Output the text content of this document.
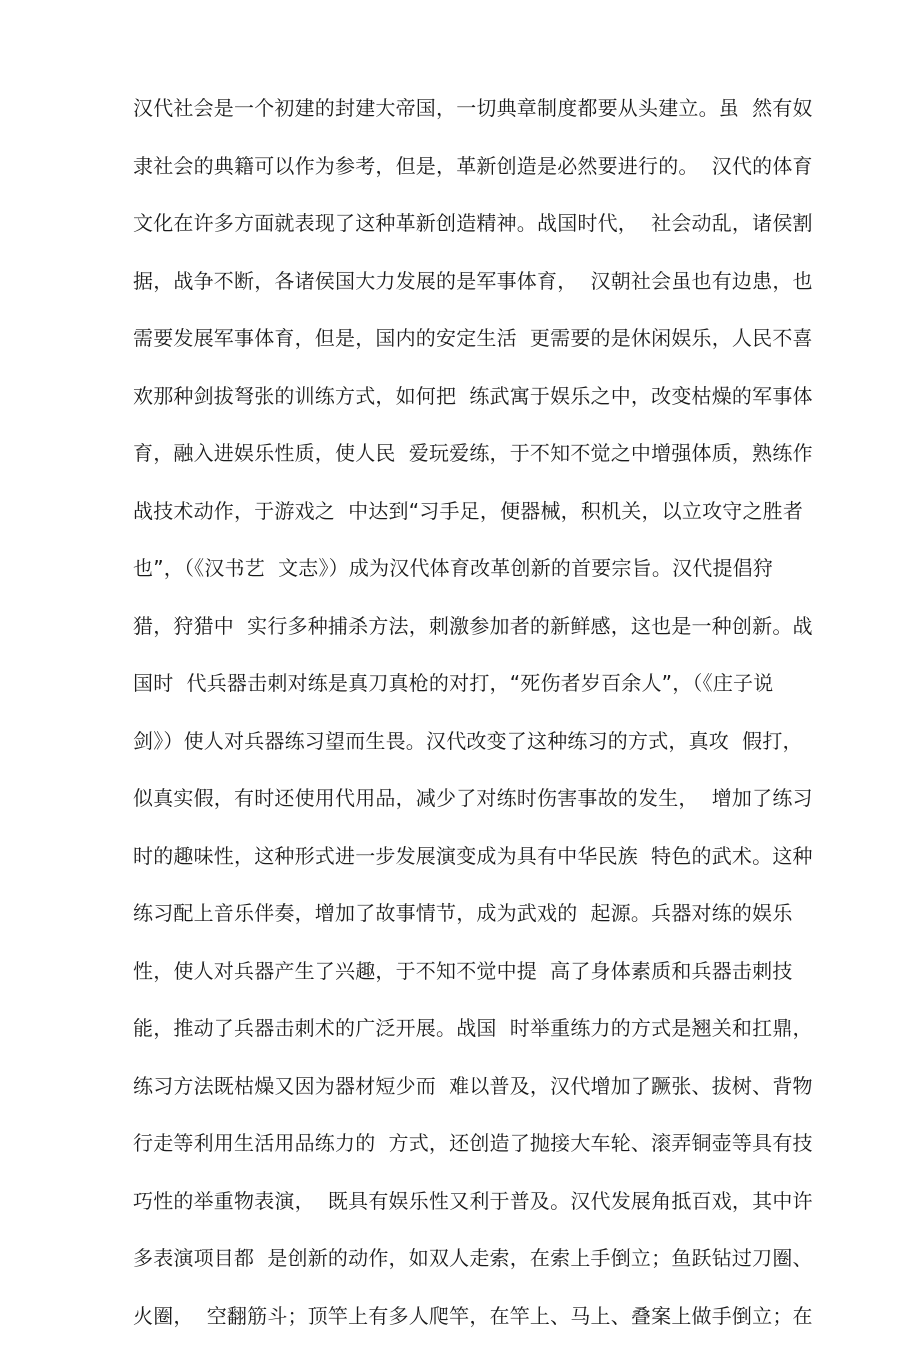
汉代社会是一个初建的封建大帝国，一切典章制度都要从头建立。虽  然有奴
隶社会的典籍可以作为参考，但是，革新创造是必然要进行的。  汉代的体育
文化在许多方面就表现了这种革新创造精神。战国时代，  社会动乱，诸侯割
据，战争不断，各诸侯国大力发展的是军事体育，  汉朝社会虽也有边患，也
需要发展军事体育，但是，国内的安定生活  更需要的是休闲娱乐，人民不喜
欢那种剑拔弩张的训练方式，如何把  练武寓于娱乐之中，改变枯燥的军事体
育，融入进娱乐性质，使人民  爱玩爱练，于不知不觉之中增强体质，熟练作
战技术动作，于游戏之  中达到“习手足，便器械，积机关，以立攻守之胜者
也”，（《汉书艺  文志》）成为汉代体育改革创新的首要宗旨。汉代提倡狩
猎，狩猎中  实行多种捕杀方法，刺激参加者的新鲜感，这也是一种创新。战
国时  代兵器击刺对练是真刀真枪的对打，“死伤者岁百余人”，（《庄子说
剑》）使人对兵器练习望而生畏。汉代改变了这种练习的方式，真攻  假打，
似真实假，有时还使用代用品，减少了对练时伤害事故的发生，  增加了练习
时的趣味性，这种形式进一步发展演变成为具有中华民族  特色的武术。这种
练习配上音乐伴奏，增加了故事情节，成为武戏的  起源。兵器对练的娱乐
性，使人对兵器产生了兴趣，于不知不觉中提  高了身体素质和兵器击刺技
能，推动了兵器击刺术的广泛开展。战国  时举重练力的方式是翘关和扛鼎，
练习方法既枯燥又因为器材短少而  难以普及，汉代增加了蹶张、拔树、背物
行走等利用生活用品练力的  方式，还创造了抛接大车轮、滚弄铜壶等具有技
巧性的举重物表演，  既具有娱乐性又利于普及。汉代发展角抵百戏，其中许
多表演项目都  是创新的动作，如双人走索，在索上手倒立；鱼跃钻过刀圈、
火圈，  空翻筋斗；顶竿上有多人爬竿，在竿上、马上、叠案上做手倒立；在
